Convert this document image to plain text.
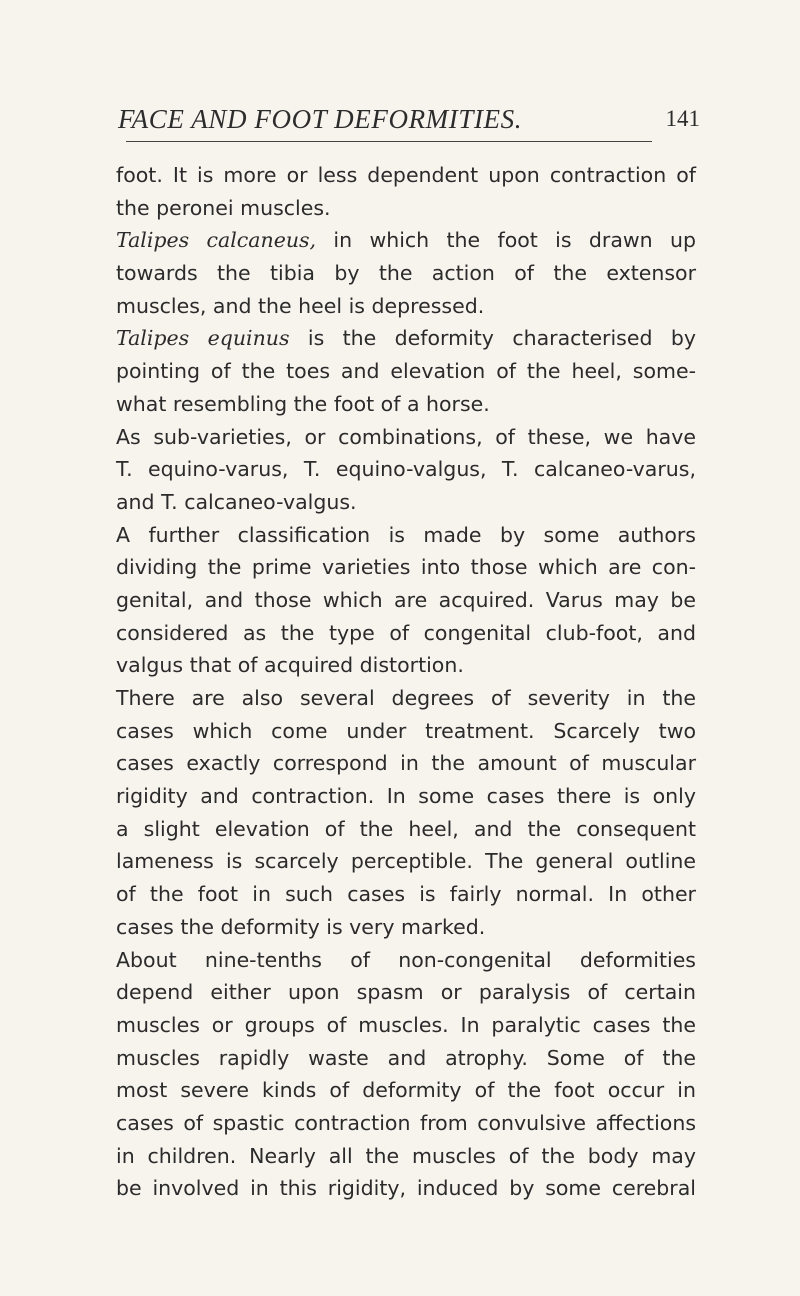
FACE AND FOOT DEFORMITIES.	141
foot. It is more or less dependent upon contraction of
the peronei muscles.
Talipes calcaneus, in which the foot is drawn up
towards the tibia by the action of the extensor
muscles, and the heel is depressed.
Talipes equinus is the deformity characterised by
pointing of the toes and elevation of the heel, some-
what resembling the foot of a horse.
As sub-varieties, or combinations, of these, we have
T. equino-varus, T. equino-valgus, T. calcaneo-varus,
and T. calcaneo-valgus.
A further classification is made by some authors
dividing the prime varieties into those which are con-
genital, and those which are acquired. Varus may be
considered as the type of congenital club-foot, and
valgus that of acquired distortion.
There are also several degrees of severity in the
cases which come under treatment. Scarcely two
cases exactly correspond in the amount of muscular
rigidity and contraction. In some cases there is only
a slight elevation of the heel, and the consequent
lameness is scarcely perceptible. The general outline
of the foot in such cases is fairly normal. In other
cases the deformity is very marked.
About nine-tenths of non-congenital deformities
depend either upon spasm or paralysis of certain
muscles or groups of muscles. In paralytic cases the
muscles rapidly waste and atrophy. Some of the
most severe kinds of deformity of the foot occur in
cases of spastic contraction from convulsive affections
in children. Nearly all the muscles of the body may
be involved in this rigidity, induced by some cerebral
